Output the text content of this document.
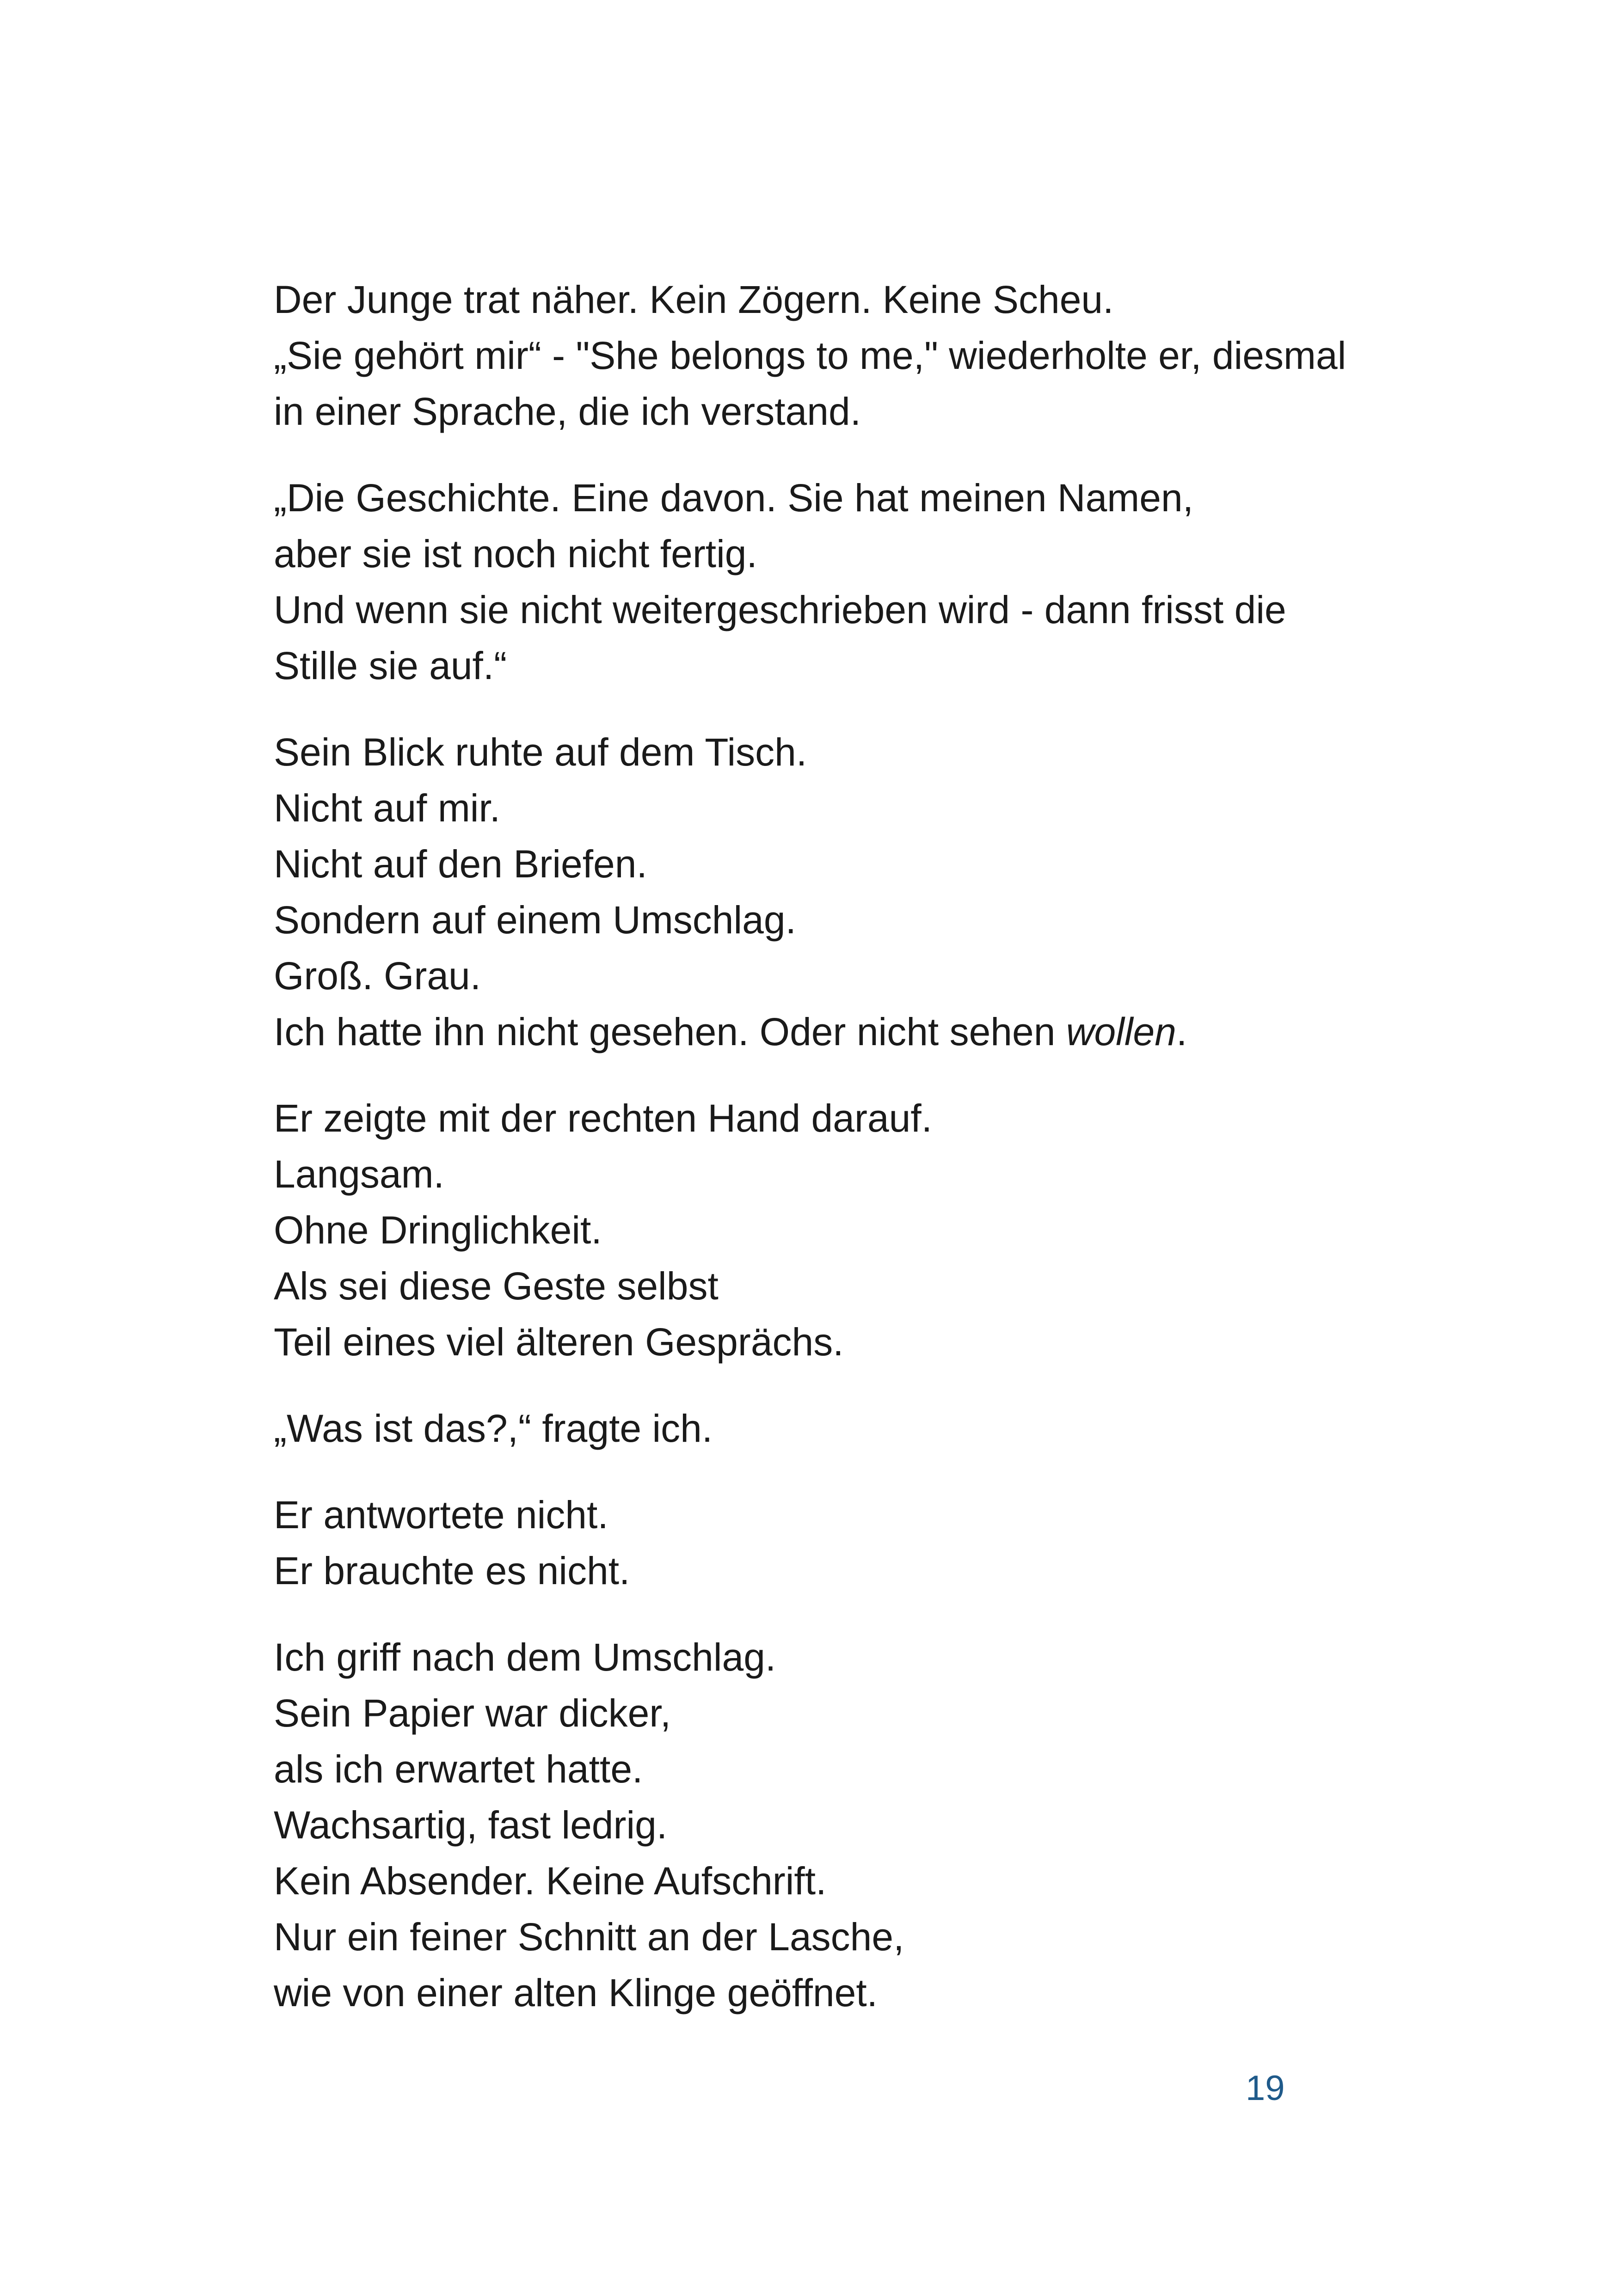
Der Junge trat näher. Kein Zögern. Keine Scheu.
„Sie gehört mir“ - "She belongs to me," wiederholte er, diesmal
in einer Sprache, die ich verstand.

„Die Geschichte. Eine davon. Sie hat meinen Namen,
aber sie ist noch nicht fertig.
Und wenn sie nicht weitergeschrieben wird - dann frisst die
Stille sie auf.“

Sein Blick ruhte auf dem Tisch.
Nicht auf mir.
Nicht auf den Briefen.
Sondern auf einem Umschlag.
Groß. Grau.
Ich hatte ihn nicht gesehen. Oder nicht sehen wollen.

Er zeigte mit der rechten Hand darauf.
Langsam.
Ohne Dringlichkeit.
Als sei diese Geste selbst
Teil eines viel älteren Gesprächs.

„Was ist das?,“ fragte ich.

Er antwortete nicht.
Er brauchte es nicht.

Ich griff nach dem Umschlag.
Sein Papier war dicker,
als ich erwartet hatte.
Wachsartig, fast ledrig.
Kein Absender. Keine Aufschrift.
Nur ein feiner Schnitt an der Lasche,
wie von einer alten Klinge geöffnet.

19
